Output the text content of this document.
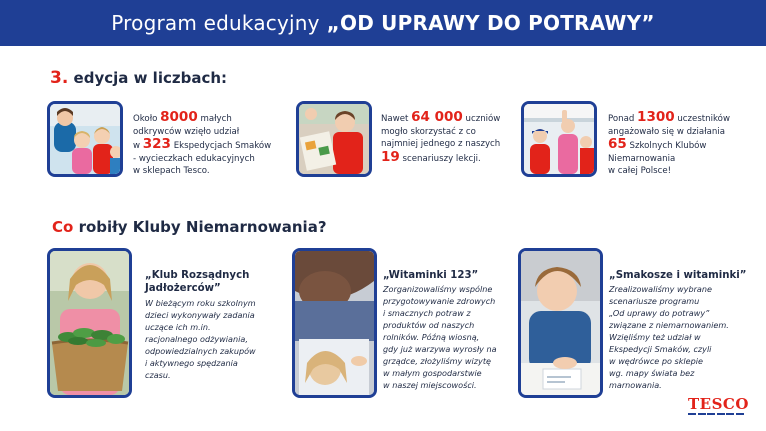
Program edukacyjny „OD UPRAWY DO POTRAWY”
3. edycja w liczbach:
Około 8000 małych
odkrywców wzięło udział
w 323 Ekspedycjach Smaków
- wycieczkach edukacyjnych
w sklepach Tesco.
Nawet 64 000 uczniów
mogło skorzystać z co
najmniej jednego z naszych
19 scenariuszy lekcji.
Ponad 1300 uczestników
angażowało się w działania
65 Szkolnych Klubów
Niemarnowania
w całej Polsce!
Co robiły Kluby Niemarnowania?
„Klub Rozsądnych
Jadłożerców”
W bieżącym roku szkolnym
dzieci wykonywały zadania
uczące ich m.in.
racjonalnego odżywiania,
odpowiedzialnych zakupów
i aktywnego spędzania
czasu.
„Witaminki 123”
Zorganizowaliśmy wspólne
przygotowywanie zdrowych
i smacznych potraw z
produktów od naszych
rolników. Późną wiosną,
gdy już warzywa wyrosły na
grządce, złożyliśmy wizytę
w małym gospodarstwie
w naszej miejscowości.
„Smakosze i witaminki”
Zrealizowaliśmy wybrane
scenariusze programu
„Od uprawy do potrawy”
związane z niemarnowaniem.
Wzięliśmy też udział w
Ekspedycji Smaków, czyli
w wędrówce po sklepie
wg. mapy świata bez
marnowania.
TESCO
